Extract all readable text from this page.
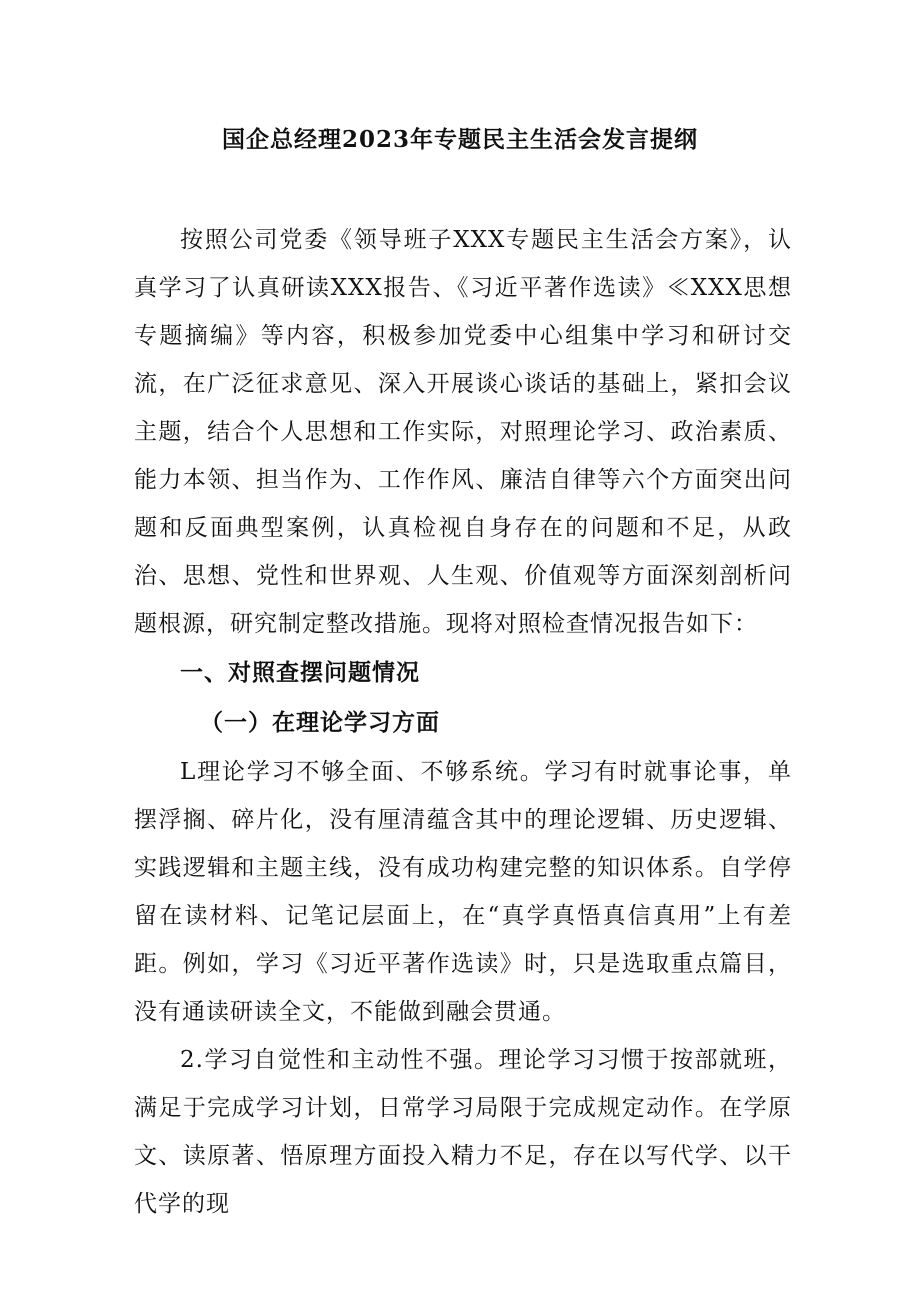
国企总经理2023年专题民主生活会发言提纲

按照公司党委《领导班子XXX专题民主生活会方案》，认真学习了认真研读XXX报告、《习近平著作选读》≪XXX思想专题摘编》等内容，积极参加党委中心组集中学习和研讨交流，在广泛征求意见、深入开展谈心谈话的基础上，紧扣会议主题，结合个人思想和工作实际，对照理论学习、政治素质、能力本领、担当作为、工作作风、廉洁自律等六个方面突出问题和反面典型案例，认真检视自身存在的问题和不足，从政治、思想、党性和世界观、人生观、价值观等方面深刻剖析问题根源，研究制定整改措施。现将对照检查情况报告如下：

一、对照查摆问题情况

（一）在理论学习方面

L理论学习不够全面、不够系统。学习有时就事论事，单摆浮搁、碎片化，没有厘清蕴含其中的理论逻辑、历史逻辑、实践逻辑和主题主线，没有成功构建完整的知识体系。自学停留在读材料、记笔记层面上，在“真学真悟真信真用”上有差距。例如，学习《习近平著作选读》时，只是选取重点篇目，没有通读研读全文，不能做到融会贯通。

2.学习自觉性和主动性不强。理论学习习惯于按部就班，满足于完成学习计划，日常学习局限于完成规定动作。在学原文、读原著、悟原理方面投入精力不足，存在以写代学、以干代学的现
